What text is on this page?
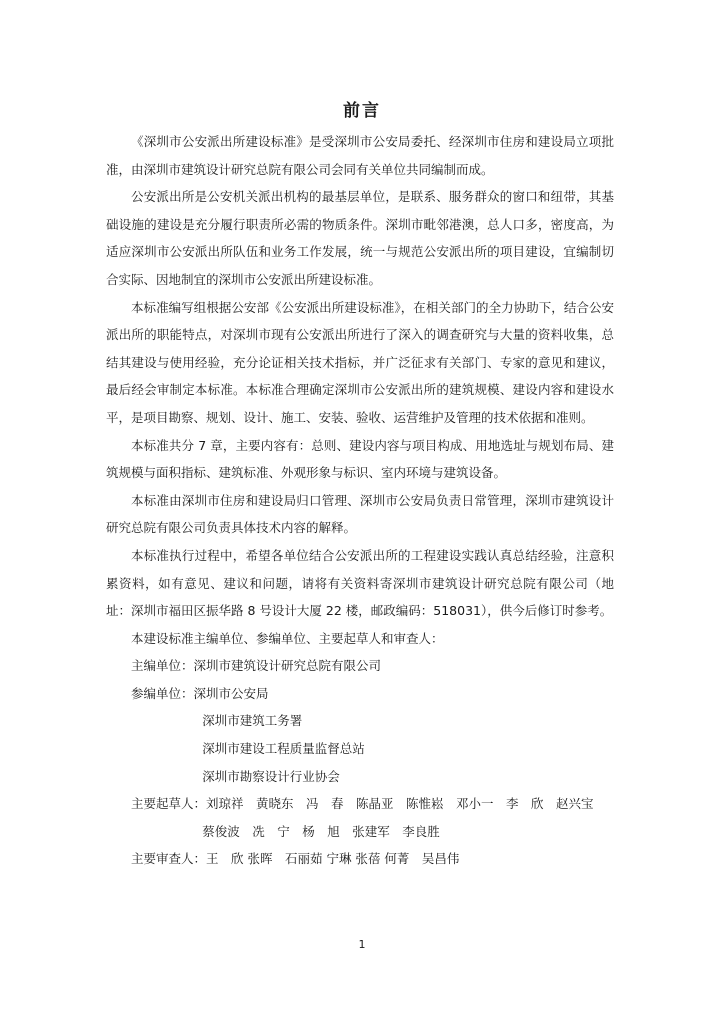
前言

《深圳市公安派出所建设标准》是受深圳市公安局委托、经深圳市住房和建设局立项批准，由深圳市建筑设计研究总院有限公司会同有关单位共同编制而成。

公安派出所是公安机关派出机构的最基层单位，是联系、服务群众的窗口和纽带，其基础设施的建设是充分履行职责所必需的物质条件。深圳市毗邻港澳，总人口多，密度高，为适应深圳市公安派出所队伍和业务工作发展，统一与规范公安派出所的项目建设，宜编制切合实际、因地制宜的深圳市公安派出所建设标准。

本标准编写组根据公安部《公安派出所建设标准》，在相关部门的全力协助下，结合公安派出所的职能特点，对深圳市现有公安派出所进行了深入的调查研究与大量的资料收集，总结其建设与使用经验，充分论证相关技术指标，并广泛征求有关部门、专家的意见和建议，最后经会审制定本标准。本标准合理确定深圳市公安派出所的建筑规模、建设内容和建设水平，是项目勘察、规划、设计、施工、安装、验收、运营维护及管理的技术依据和准则。

本标准共分 7 章，主要内容有：总则、建设内容与项目构成、用地选址与规划布局、建筑规模与面积指标、建筑标准、外观形象与标识、室内环境与建筑设备。

本标准由深圳市住房和建设局归口管理、深圳市公安局负责日常管理，深圳市建筑设计研究总院有限公司负责具体技术内容的解释。

本标准执行过程中，希望各单位结合公安派出所的工程建设实践认真总结经验，注意积累资料，如有意见、建议和问题，请将有关资料寄深圳市建筑设计研究总院有限公司（地址：深圳市福田区振华路 8 号设计大厦 22 楼，邮政编码：518031），供今后修订时参考。

本建设标准主编单位、参编单位、主要起草人和审查人：

主编单位：深圳市建筑设计研究总院有限公司

参编单位：深圳市公安局

深圳市建筑工务署

深圳市建设工程质量监督总站

深圳市勘察设计行业协会

主要起草人：刘琼祥　黄晓东　冯　春　陈晶亚　陈惟崧　邓小一　李　欣　赵兴宝

蔡俊波　冼　宁　杨　旭　张建军　李良胜

主要审查人：王　欣 张晖　石丽茹 宁琳 张蓓 何菁　吴昌伟

1
